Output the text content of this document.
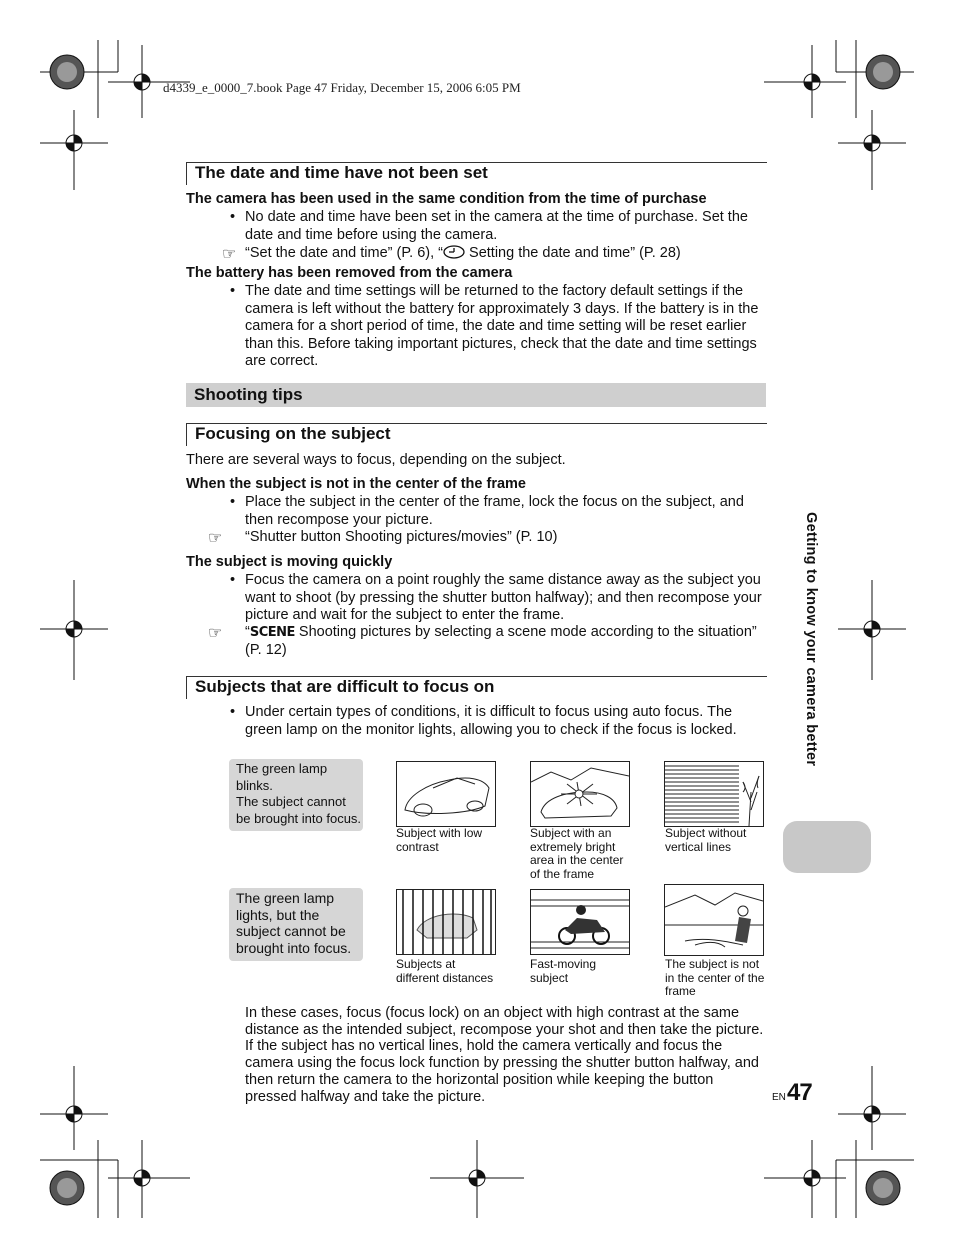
d4339_e_0000_7.book Page 47 Friday, December 15, 2006 6:05 PM
The date and time have not been set
The camera has been used in the same condition from the time of purchase
• No date and time have been set in the camera at the time of purchase. Set the date and time before using the camera.
☞ “Set the date and time” (P. 6), “ Setting the date and time” (P. 28)
The battery has been removed from the camera
• The date and time settings will be returned to the factory default settings if the camera is left without the battery for approximately 3 days. If the battery is in the camera for a short period of time, the date and time setting will be reset earlier than this. Before taking important pictures, check that the date and time settings are correct.
Shooting tips
Focusing on the subject
There are several ways to focus, depending on the subject.
When the subject is not in the center of the frame
• Place the subject in the center of the frame, lock the focus on the subject, and then recompose your picture.
☞ “Shutter button Shooting pictures/movies” (P. 10)
The subject is moving quickly
• Focus the camera on a point roughly the same distance away as the subject you want to shoot (by pressing the shutter button halfway); and then recompose your picture and wait for the subject to enter the frame.
☞ “SCENE Shooting pictures by selecting a scene mode according to the situation” (P. 12)
Subjects that are difficult to focus on
• Under certain types of conditions, it is difficult to focus using auto focus. The green lamp on the monitor lights, allowing you to check if the focus is locked.
The green lamp blinks.
The subject cannot be brought into focus.
The green lamp lights, but the subject cannot be brought into focus.
Subject with low contrast
Subject with an extremely bright area in the center of the frame
Subject without vertical lines
Subjects at different distances
Fast-moving subject
The subject is not in the center of the frame
In these cases, focus (focus lock) on an object with high contrast at the same distance as the intended subject, recompose your shot and then take the picture. If the subject has no vertical lines, hold the camera vertically and focus the camera using the focus lock function by pressing the shutter button halfway, and then return the camera to the horizontal position while keeping the button pressed halfway and take the picture.
Getting to know your camera better
EN 47
